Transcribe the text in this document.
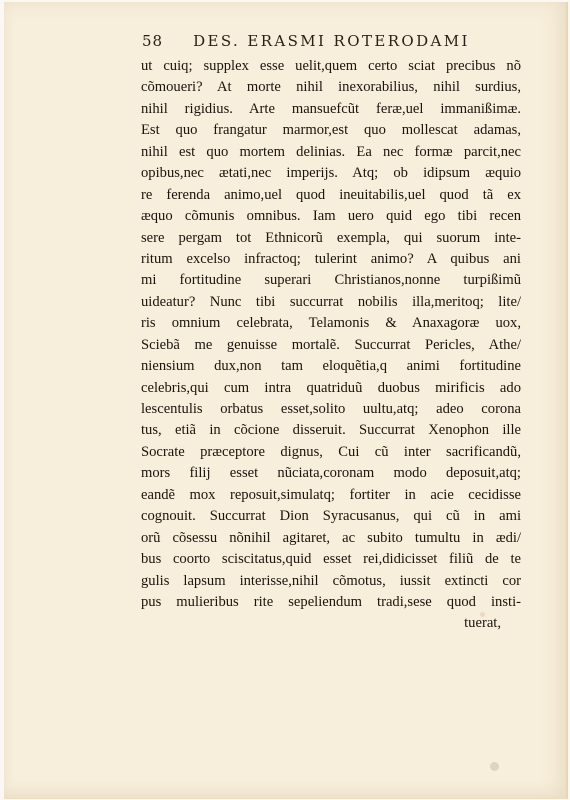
58 DES. ERASMI ROTERODAMI
ut cuiq; supplex esse uelit,quem certo sciat precibus nõ
cõmoueri? At morte nihil inexorabilius, nihil surdius,
nihil rigidius. Arte mansuefcũt feræ,uel immanißimæ.
Est quo frangatur marmor,est quo mollescat adamas,
nihil est quo mortem delinias. Ea nec formæ parcit,nec
opibus,nec ætati,nec imperijs. Atq; ob idipsum æquio
re ferenda animo,uel quod ineuitabilis,uel quod tã ex
æquo cõmunis omnibus. Iam uero quid ego tibi recen
sere pergam tot Ethnicorũ exempla, qui suorum inte-
ritum excelso infractoq; tulerint animo? A quibus ani
mi fortitudine superari Christianos,nonne turpißimũ
uideatur? Nunc tibi succurrat nobilis illa,meritoq; lite/
ris omnium celebrata, Telamonis & Anaxagoræ uox,
Sciebã me genuisse mortalẽ. Succurrat Pericles, Athe/
niensium dux,non tam eloquẽtia,q animi fortitudine
celebris,qui cum intra quatriduũ duobus mirificis ado
lescentulis orbatus esset,solito uultu,atq; adeo corona
tus, etiã in cõcione disseruit. Succurrat Xenophon ille
Socrate præceptore dignus, Cui cũ inter sacrificandũ,
mors filij esset nũciata,coronam modo deposuit,atq;
eandẽ mox reposuit,simulatq; fortiter in acie cecidisse
cognouit. Succurrat Dion Syracusanus, qui cũ in ami
orũ cõsessu nõnihil agitaret, ac subito tumultu in ædi/
bus coorto sciscitatus,quid esset rei,didicisset filiũ de te
gulis lapsum interisse,nihil cõmotus, iussit extincti cor
pus mulieribus rite sepeliendum tradi,sese quod insti-
tuerat,
